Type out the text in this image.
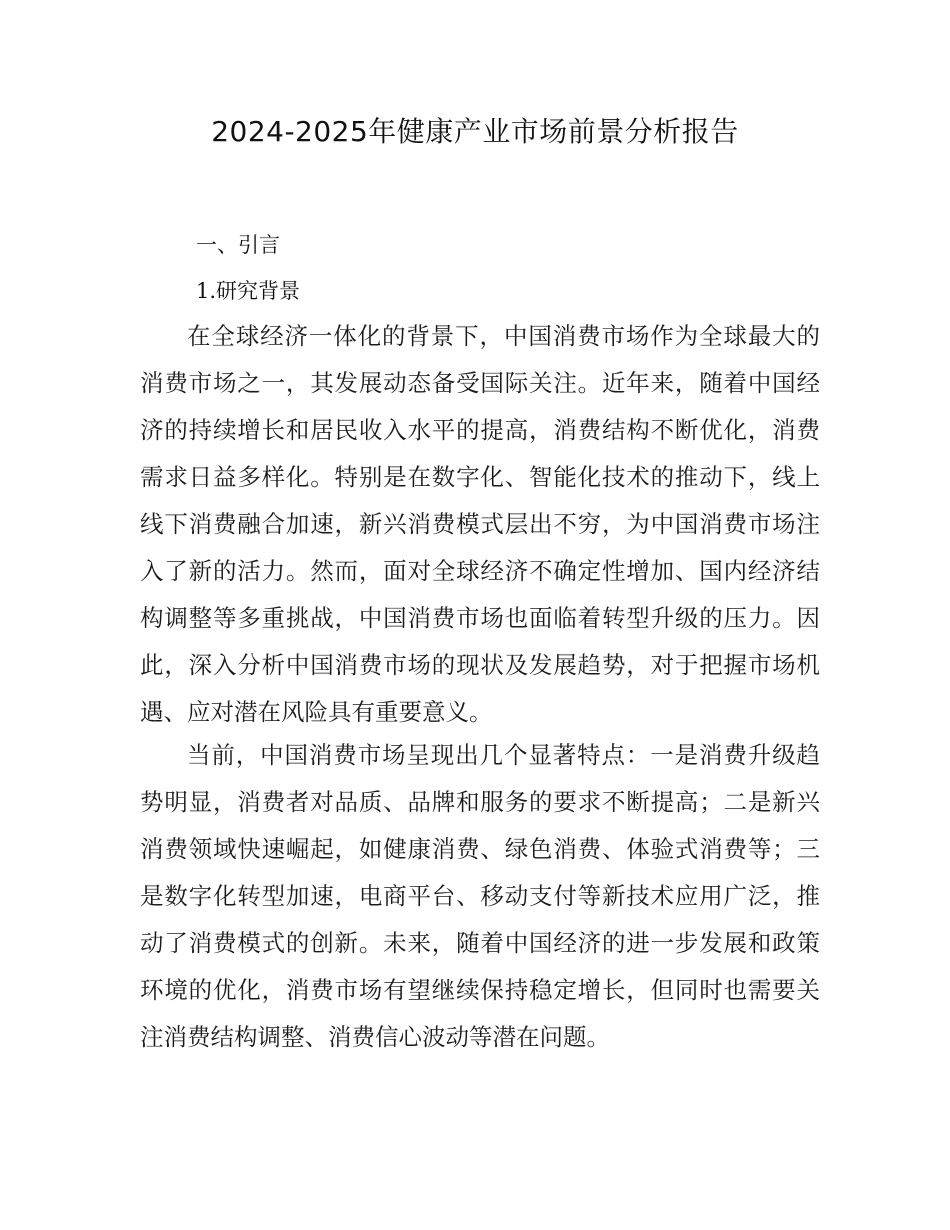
2024-2025年健康产业市场前景分析报告
一、引言
1.研究背景

在全球经济一体化的背景下，中国消费市场作为全球最大的消费市场之一，其发展动态备受国际关注。近年来，随着中国经济的持续增长和居民收入水平的提高，消费结构不断优化，消费需求日益多样化。特别是在数字化、智能化技术的推动下，线上线下消费融合加速，新兴消费模式层出不穷，为中国消费市场注入了新的活力。然而，面对全球经济不确定性增加、国内经济结构调整等多重挑战，中国消费市场也面临着转型升级的压力。因此，深入分析中国消费市场的现状及发展趋势，对于把握市场机遇、应对潜在风险具有重要意义。

当前，中国消费市场呈现出几个显著特点：一是消费升级趋势明显，消费者对品质、品牌和服务的要求不断提高；二是新兴消费领域快速崛起，如健康消费、绿色消费、体验式消费等；三是数字化转型加速，电商平台、移动支付等新技术应用广泛，推动了消费模式的创新。未来，随着中国经济的进一步发展和政策环境的优化，消费市场有望继续保持稳定增长，但同时也需要关注消费结构调整、消费信心波动等潜在问题。
